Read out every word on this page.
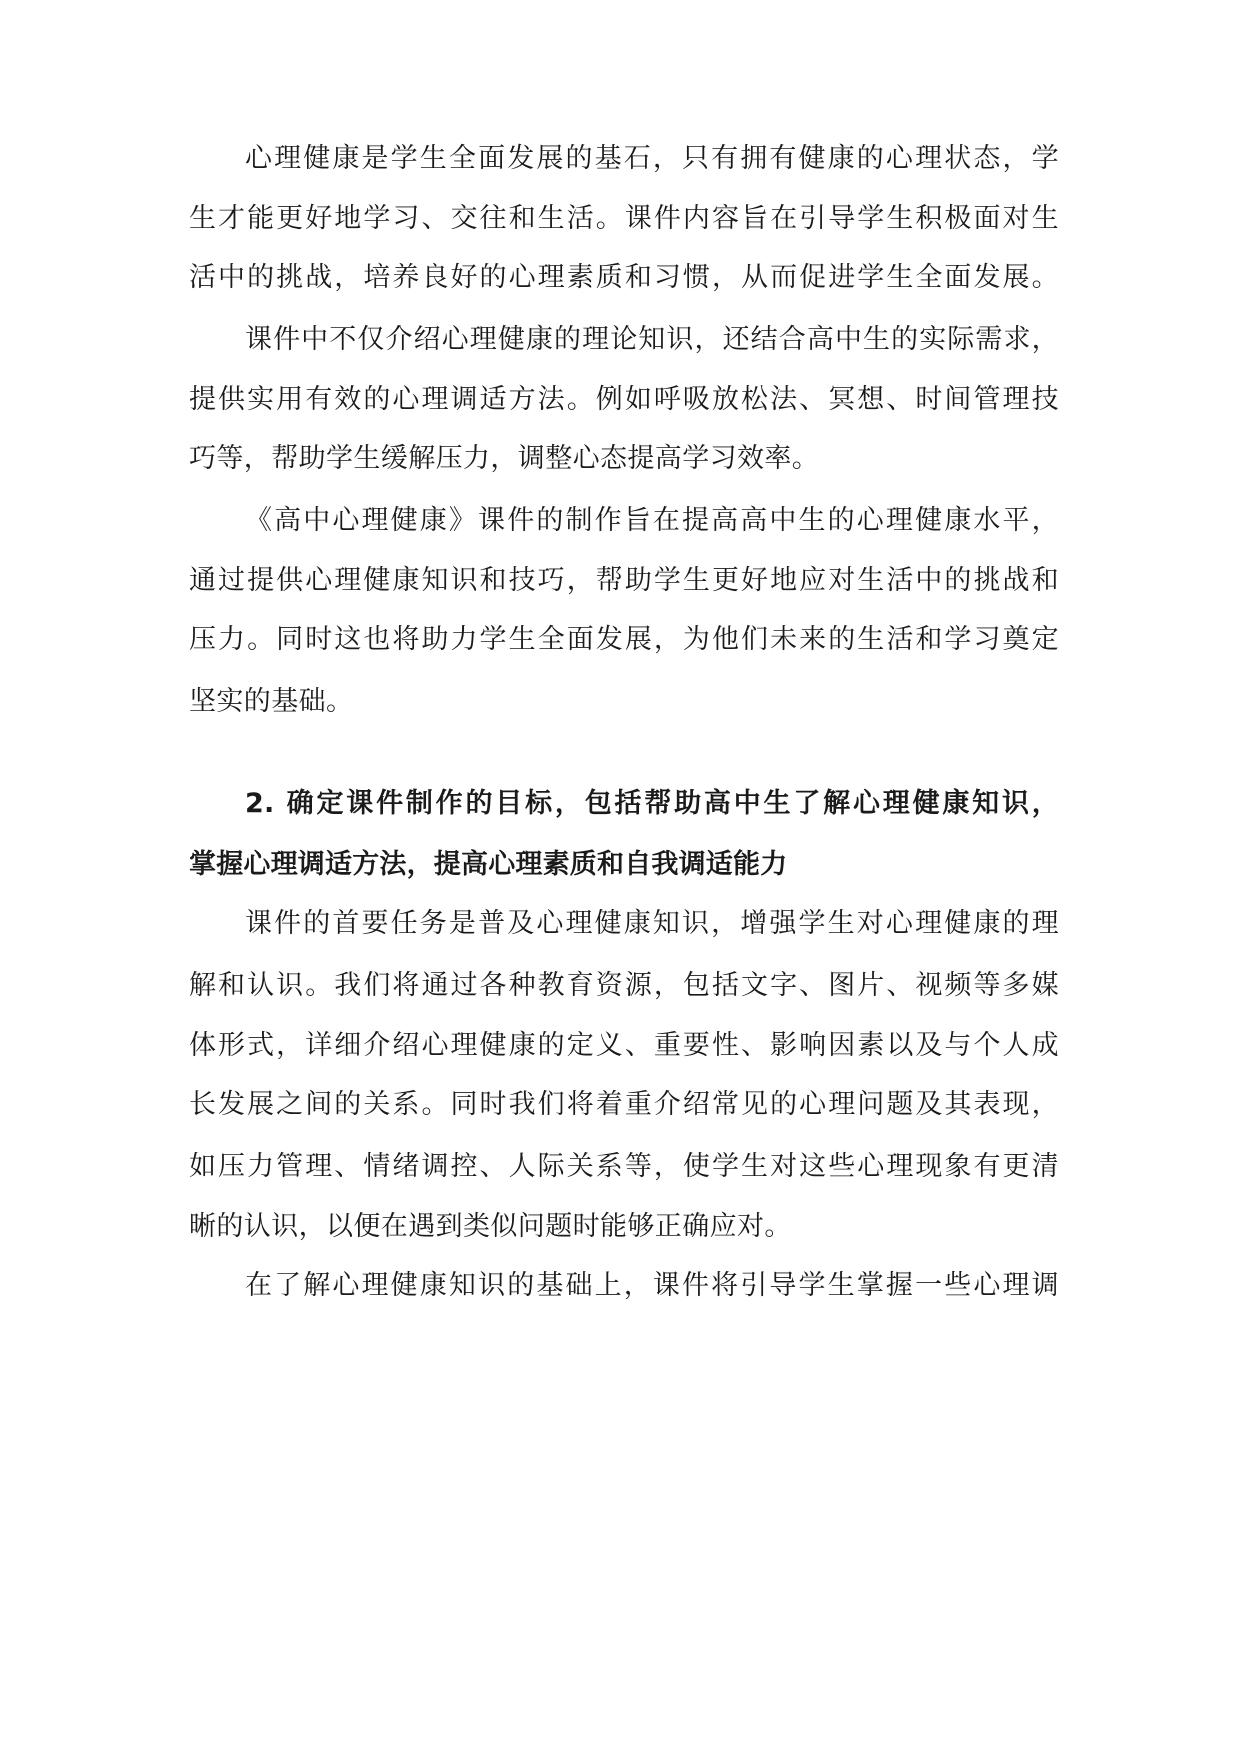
心理健康是学生全面发展的基石，只有拥有健康的心理状态，学
生才能更好地学习、交往和生活。课件内容旨在引导学生积极面对生
活中的挑战，培养良好的心理素质和习惯，从而促进学生全面发展。
课件中不仅介绍心理健康的理论知识，还结合高中生的实际需求，
提供实用有效的心理调适方法。例如呼吸放松法、冥想、时间管理技
巧等，帮助学生缓解压力，调整心态提高学习效率。
《高中心理健康》课件的制作旨在提高高中生的心理健康水平，
通过提供心理健康知识和技巧，帮助学生更好地应对生活中的挑战和
压力。同时这也将助力学生全面发展，为他们未来的生活和学习奠定
坚实的基础。
2. 确定课件制作的目标，包括帮助高中生了解心理健康知识，
掌握心理调适方法，提高心理素质和自我调适能力
课件的首要任务是普及心理健康知识，增强学生对心理健康的理
解和认识。我们将通过各种教育资源，包括文字、图片、视频等多媒
体形式，详细介绍心理健康的定义、重要性、影响因素以及与个人成
长发展之间的关系。同时我们将着重介绍常见的心理问题及其表现，
如压力管理、情绪调控、人际关系等，使学生对这些心理现象有更清
晰的认识，以便在遇到类似问题时能够正确应对。
在了解心理健康知识的基础上，课件将引导学生掌握一些心理调
